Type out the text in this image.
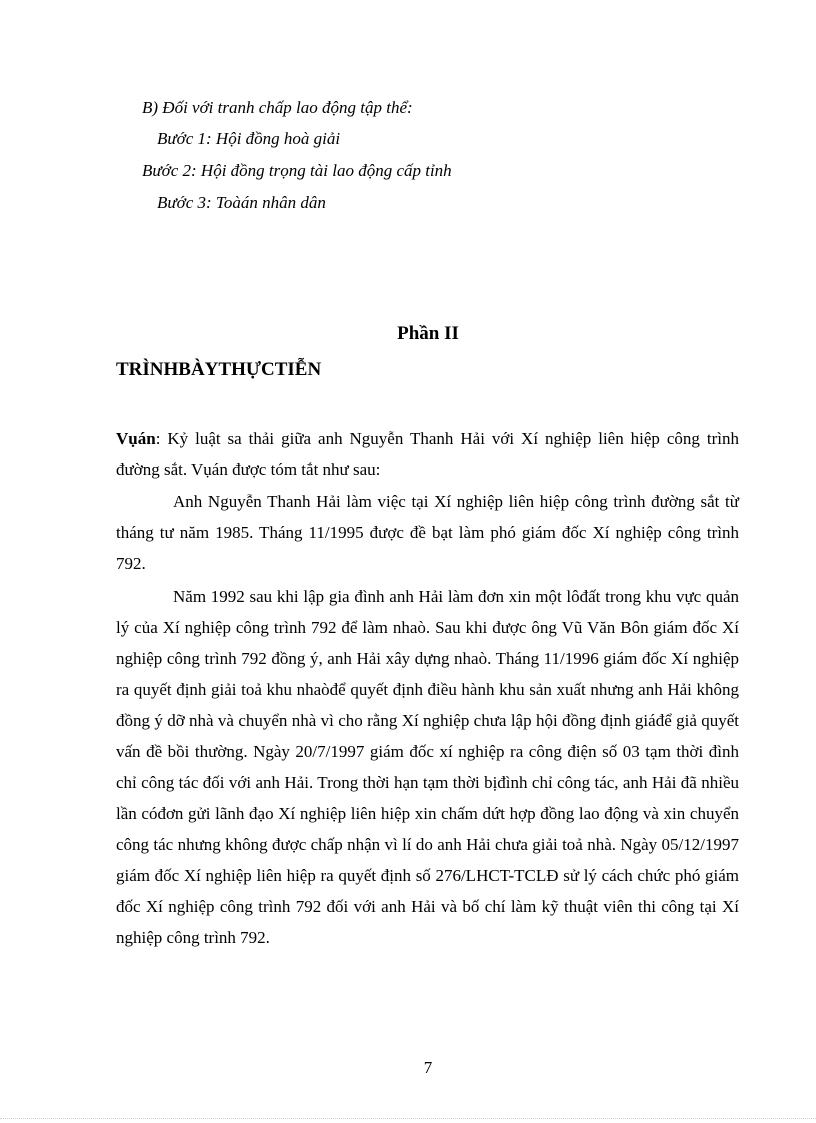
B) Đối với tranh chấp lao động tập thể:
Bước 1: Hội đồng hoà giải
Bước 2: Hội đồng trọng tài lao động cấp tỉnh
Bước 3: Toàán nhân dân
Phần II
TRÌNHBÀYTHỰCTIỄN

Vụán: Kỷ luật sa thải giữa anh Nguyễn Thanh Hải với Xí nghiệp liên hiệp công trình đường sắt. Vụán được tóm tắt như sau:

Anh Nguyễn Thanh Hải làm việc tại Xí nghiệp liên hiệp công trình đường sắt từ tháng tư năm 1985. Tháng 11/1995 được đề bạt làm phó giám đốc Xí nghiệp công trình 792.

Năm 1992 sau khi lập gia đình anh Hải làm đơn xin một lôđất trong khu vực quản lý của Xí nghiệp công trình 792 để làm nhaò. Sau khi được ông Vũ Văn Bôn giám đốc Xí nghiệp công trình 792 đồng ý, anh Hải xây dựng nhaò. Tháng 11/1996 giám đốc Xí nghiệp ra quyết định giải toả khu nhaòđể quyết định điều hành khu sản xuất nhưng anh Hải không đồng ý dỡ nhà và chuyển nhà vì cho rằng Xí nghiệp chưa lập hội đồng định giáđể giả quyết vấn đề bồi thường. Ngày 20/7/1997 giám đốc xí nghiệp ra công điện số 03 tạm thời đình chỉ công tác đối với anh Hải. Trong thời hạn tạm thời bịđình chỉ công tác, anh Hải đã nhiều lần cóđơn gửi lãnh đạo Xí nghiệp liên hiệp xin chấm dứt hợp đồng lao động và xin chuyển công tác nhưng không được chấp nhận vì lí do anh Hải chưa giải toả nhà. Ngày 05/12/1997 giám đốc Xí nghiệp liên hiệp ra quyết định số 276/LHCT-TCLĐ sử lý cách chức phó giám đốc Xí nghiệp công trình 792 đối với anh Hải và bố chí làm kỹ thuật viên thi công tại Xí nghiệp công trình 792.

7
